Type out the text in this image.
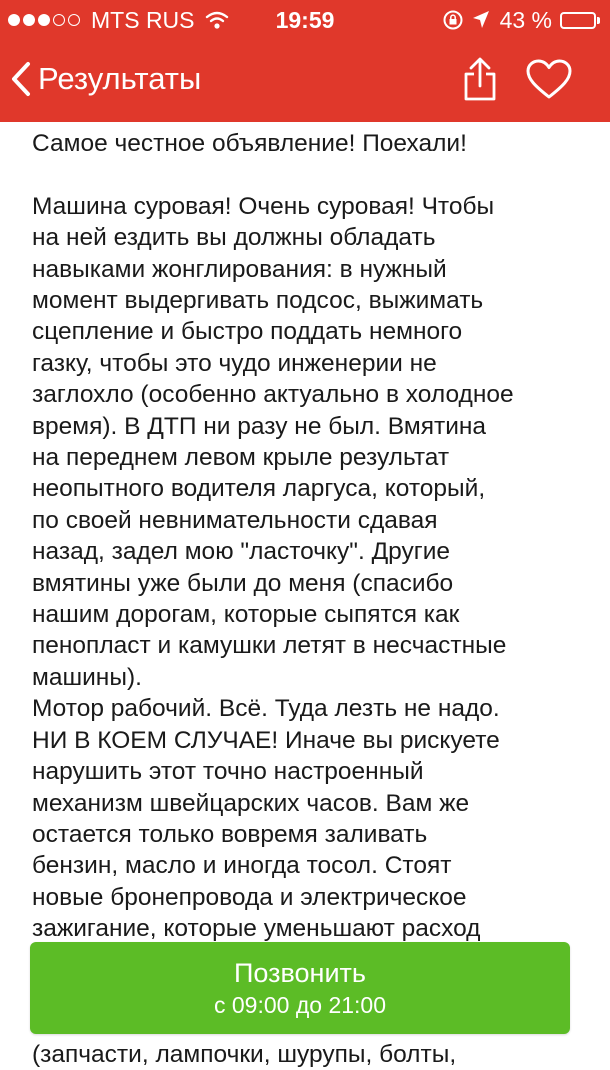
MTS RUS	19:59	43 %
Результаты

Самое честное объявление! Поехали!

Машина суровая! Очень суровая! Чтобы
на ней ездить вы должны обладать
навыками жонглирования: в нужный
момент выдергивать подсос, выжимать
сцепление и быстро поддать немного
газку, чтобы это чудо инженерии не
заглохло (особенно актуально в холодное
время). В ДТП ни разу не был. Вмятина
на переднем левом крыле результат
неопытного водителя ларгуса, который,
по своей невнимательности сдавая
назад, задел мою "ласточку". Другие
вмятины уже были до меня (спасибо
нашим дорогам, которые сыпятся как
пенопласт и камушки летят в несчастные
машины).

Мотор рабочий. Всё. Туда лезть не надо.
НИ В КОЕМ СЛУЧАЕ! Иначе вы рискуете
нарушить этот точно настроенный
механизм швейцарских часов. Вам же
остается только вовремя заливать
бензин, масло и иногда тосол. Стоят
новые бронепровода и электрическое
зажигание, которые уменьшают расход

(запчасти, лампочки, шурупы, болты,

Позвонить
с 09:00 до 21:00
